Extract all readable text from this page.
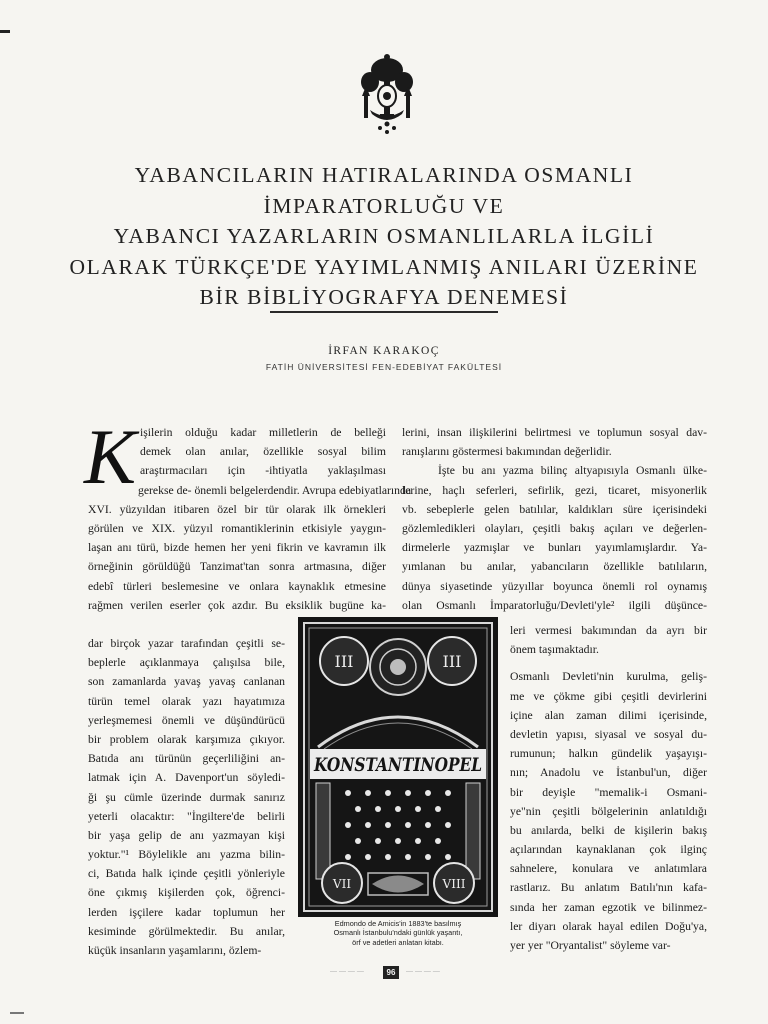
YABANCILARIN HATIRALARINDA OSMANLI
İMPARATORLUĞU VE
YABANCI YAZARLARIN OSMANLILARLA İLGİLİ
OLARAK TÜRKÇE'DE YAYIMLANMIŞ ANILARI ÜZERİNE
BİR BİBLİYOGRAFYA DENEMESİ
İRFAN KARAKOÇ
FATİH ÜNİVERSİTESİ FEN-EDEBİYAT FAKÜLTESİ
K işilerin olduğu kadar milletlerin de belleği
demek olan anılar, özellikle sosyal bilim
araştırmacıları için -ihtiyatla yaklaşılması
gerekse de- önemli belgelerdendir. Avrupa edebiyatlarında
XVI. yüzyıldan itibaren özel bir tür olarak ilk örnekleri
görülen ve XIX. yüzyıl romantiklerinin etkisiyle yaygın-
laşan anı türü, bizde hemen her yeni fikrin ve kavramın ilk
örneğinin görüldüğü Tanzimat'tan sonra artmasına, diğer
edebî türleri beslemesine ve onlara kaynaklık etmesine
rağmen verilen eserler çok azdır. Bu eksiklik bugüne ka-
dar birçok yazar tarafından çeşitli se-
beplerle açıklanmaya çalışılsa bile,
son zamanlarda yavaş yavaş canlanan
türün temel olarak yazı hayatımıza
yerleşmemesi önemli ve düşündürücü
bir problem olarak karşımıza çıkıyor.
Batıda anı türünün geçerliliğini an-
latmak için A. Davenport'un söyledi-
ği şu cümle üzerinde durmak sanırız
yeterli olacaktır: "İngiltere'de belirli
bir yaşa gelip de anı yazmayan kişi
yoktur."¹ Böylelikle anı yazma bilin-
ci, Batıda halk içinde çeşitli yönleriyle
öne çıkmış kişilerden çok, öğrenci-
lerden işçilere kadar toplumun her
kesiminde görülmektedir. Bu anılar,
küçük insanların yaşamlarını, özlem-
lerini, insan ilişkilerini belirtmesi ve toplumun sosyal dav-
ranışlarını göstermesi bakımından değerlidir.
İşte bu anı yazma bilinç altyapısıyla Osmanlı ülke-
lerine, haçlı seferleri, sefirlik, gezi, ticaret, misyonerlik
vb. sebeplerle gelen batılılar, kaldıkları süre içerisindeki
gözlemledikleri olayları, çeşitli bakış açıları ve değerlen-
dirmelerle yazmışlar ve bunları yayımlamışlardır. Ya-
yımlanan bu anılar, yabancıların özellikle batılıların,
dünya siyasetinde yüzyıllar boyunca önemli rol oynamış
olan Osmanlı İmparatorluğu/Devleti'yle² ilgili düşünce-
leri vermesi bakımından da ayrı bir
önem taşımaktadır.
Osmanlı Devleti'nin kurulma, geliş-
me ve çökme gibi çeşitli devirlerini
içine alan zaman dilimi içerisinde,
devletin yapısı, siyasal ve sosyal du-
rumunun; halkın gündelik yaşayışı-
nın; Anadolu ve İstanbul'un, diğer
bir deyişle "memalik-i Osmani-
ye"nin çeşitli bölgelerinin anlatıldığı
bu anılarda, belki de kişilerin bakış
açılarından kaynaklanan çok ilginç
sahnelere, konulara ve anlatımlara
rastlarız. Bu anlatım Batılı'nın kafa-
sında her zaman egzotik ve bilinmez-
ler diyarı olarak hayal edilen Doğu'ya,
yer yer "Oryantalist" söyleme var-
III	III
KONSTANTINOPEL
VII	VIII
Edmondo de Amicis'in 1883'te basılmış
Osmanlı İstanbulu'ndaki günlük yaşantı,
örf ve adetleri anlatan kitabı.
— — — —	96	— — — —
